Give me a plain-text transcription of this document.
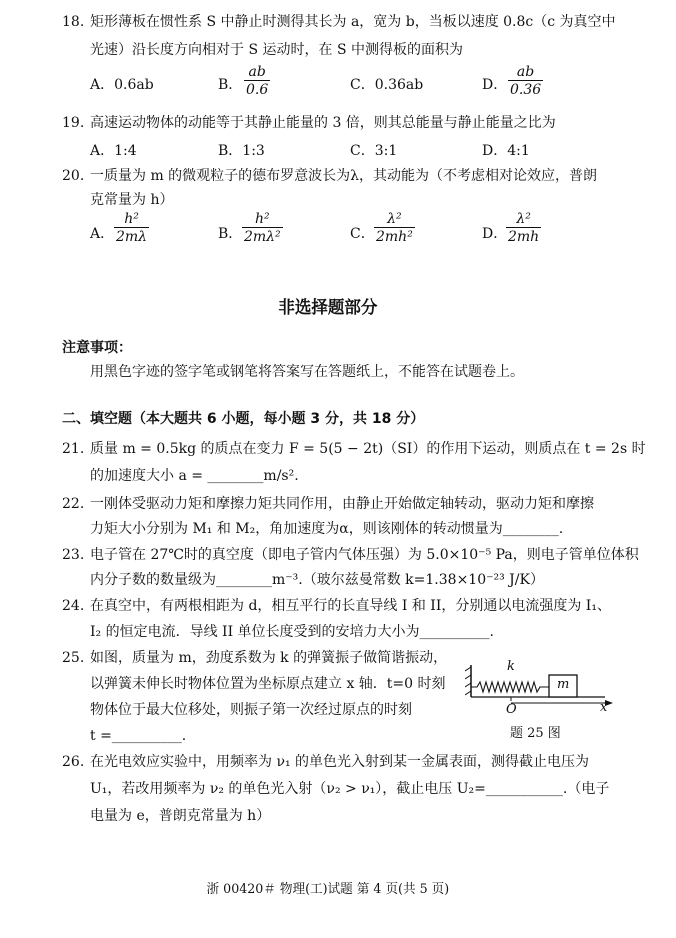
18. 矩形薄板在惯性系 S 中静止时测得其长为 a，宽为 b，当板以速度 0.8c（c 为真空中
光速）沿长度方向相对于 S 运动时，在 S 中测得板的面积为
A．0.6ab	B．
ab
0.6	C．0.36ab	D．
ab
0.36
19. 高速运动物体的动能等于其静止能量的 3 倍，则其总能量与静止能量之比为
A．1:4	B．1:3	C．3:1	D．4:1
20. 一质量为 m 的微观粒子的德布罗意波长为λ，其动能为（不考虑相对论效应，普朗
克常量为 h）
A．
h²
2mλ	B．
h²
2mλ²	C．
λ²
2mh²	D．
λ²
2mh
非选择题部分
注意事项：
用黑色字迹的签字笔或钢笔将答案写在答题纸上，不能答在试题卷上。
二、填空题（本大题共 6 小题，每小题 3 分，共 18 分）
21. 质量 m = 0.5kg 的质点在变力 F = 5(5 − 2t)（SI）的作用下运动，则质点在 t = 2s 时
的加速度大小 a = ________m/s².
22. 一刚体受驱动力矩和摩擦力矩共同作用，由静止开始做定轴转动，驱动力矩和摩擦
力矩大小分别为 M₁ 和 M₂，角加速度为α，则该刚体的转动惯量为________.
23. 电子管在 27℃时的真空度（即电子管内气体压强）为 5.0×10⁻⁵ Pa，则电子管单位体积
内分子数的数量级为________m⁻³.（玻尔兹曼常数 k=1.38×10⁻²³ J/K）
24. 在真空中，有两根相距为 d，相互平行的长直导线 I 和 II，分别通以电流强度为 I₁、
I₂ 的恒定电流．导线 II 单位长度受到的安培力大小为__________.
25. 如图，质量为 m，劲度系数为 k 的弹簧振子做简谐振动，
以弹簧未伸长时物体位置为坐标原点建立 x 轴．t=0 时刻
物体位于最大位移处，则振子第一次经过原点的时刻
t =__________.
k
m
O	x
题 25 图
26. 在光电效应实验中，用频率为 ν₁ 的单色光入射到某一金属表面，测得截止电压为
U₁，若改用频率为 ν₂ 的单色光入射（ν₂ > ν₁），截止电压 U₂=___________.（电子
电量为 e，普朗克常量为 h）
浙 00420＃ 物理(工)试题 第 4 页(共 5 页)
